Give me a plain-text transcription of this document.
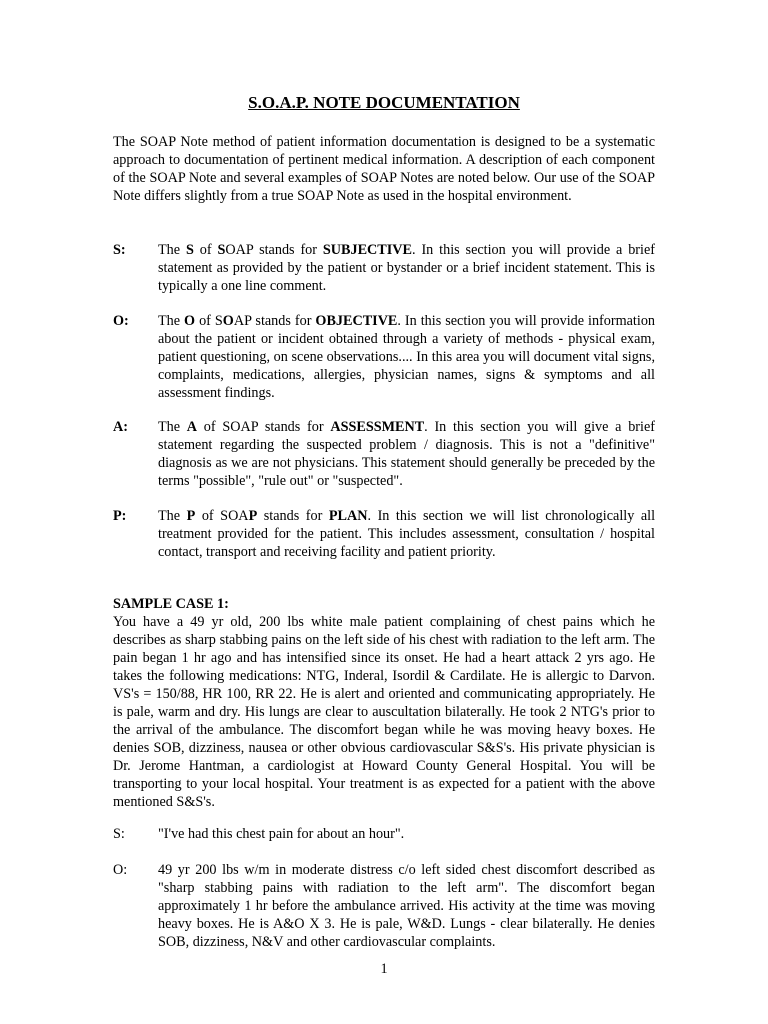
S.O.A.P. NOTE DOCUMENTATION

The SOAP Note method of patient information documentation is designed to be a systematic approach to documentation of pertinent medical information. A description of each component of the SOAP Note and several examples of SOAP Notes are noted below. Our use of the SOAP Note differs slightly from a true SOAP Note as used in the hospital environment.

S: The S of SOAP stands for SUBJECTIVE. In this section you will provide a brief statement as provided by the patient or bystander or a brief incident statement. This is typically a one line comment.
O: The O of SOAP stands for OBJECTIVE. In this section you will provide information about the patient or incident obtained through a variety of methods - physical exam, patient questioning, on scene observations.... In this area you will document vital signs, complaints, medications, allergies, physician names, signs & symptoms and all assessment findings.
A: The A of SOAP stands for ASSESSMENT. In this section you will give a brief statement regarding the suspected problem / diagnosis. This is not a "definitive" diagnosis as we are not physicians. This statement should generally be preceded by the terms "possible", "rule out" or "suspected".
P: The P of SOAP stands for PLAN. In this section we will list chronologically all treatment provided for the patient. This includes assessment, consultation / hospital contact, transport and receiving facility and patient priority.
SAMPLE CASE 1:
You have a 49 yr old, 200 lbs white male patient complaining of chest pains which he describes as sharp stabbing pains on the left side of his chest with radiation to the left arm. The pain began 1 hr ago and has intensified since its onset. He had a heart attack 2 yrs ago. He takes the following medications: NTG, Inderal, Isordil & Cardilate. He is allergic to Darvon. VS's = 150/88, HR 100, RR 22. He is alert and oriented and communicating appropriately. He is pale, warm and dry. His lungs are clear to auscultation bilaterally. He took 2 NTG's prior to the arrival of the ambulance. The discomfort began while he was moving heavy boxes. He denies SOB, dizziness, nausea or other obvious cardiovascular S&S's. His private physician is Dr. Jerome Hantman, a cardiologist at Howard County General Hospital. You will be transporting to your local hospital. Your treatment is as expected for a patient with the above mentioned S&S's.
S: "I've had this chest pain for about an hour".
O: 49 yr 200 lbs w/m in moderate distress c/o left sided chest discomfort described as "sharp stabbing pains with radiation to the left arm". The discomfort began approximately 1 hr before the ambulance arrived. His activity at the time was moving heavy boxes. He is A&O X 3. He is pale, W&D. Lungs - clear bilaterally. He denies SOB, dizziness, N&V and other cardiovascular complaints.
1
